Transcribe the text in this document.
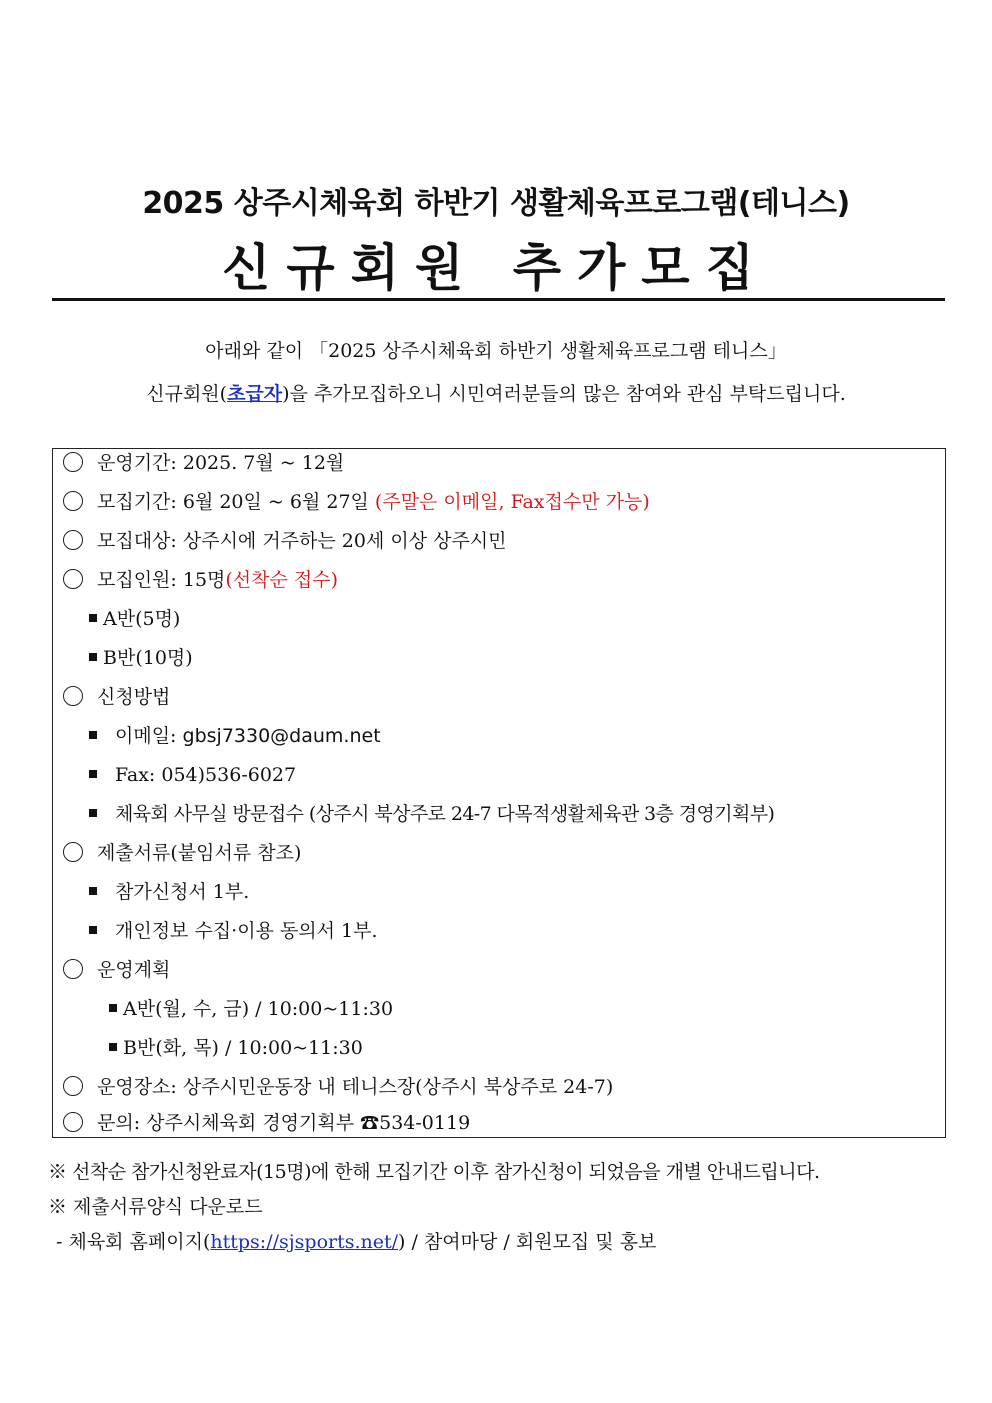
2025 상주시체육회 하반기 생활체육프로그램(테니스)
신규회원 추가모집
아래와 같이 「2025 상주시체육회 하반기 생활체육프로그램 테니스」
신규회원(초급자)을 추가모집하오니 시민여러분들의 많은 참여와 관심 부탁드립니다.
운영기간: 2025. 7월 ~ 12월
모집기간: 6월 20일 ~ 6월 27일 (주말은 이메일, Fax접수만 가능)
모집대상: 상주시에 거주하는 20세 이상 상주시민
모집인원: 15명(선착순 접수)
A반(5명)
B반(10명)
신청방법
이메일: gbsj7330@daum.net
Fax: 054)536-6027
체육회 사무실 방문접수 (상주시 북상주로 24-7 다목적생활체육관 3층 경영기획부)
제출서류(붙임서류 참조)
참가신청서 1부.
개인정보 수집·이용 동의서 1부.
운영계획
A반(월, 수, 금) / 10:00~11:30
B반(화, 목) / 10:00~11:30
운영장소: 상주시민운동장 내 테니스장(상주시 북상주로 24-7)
문의: 상주시체육회 경영기획부 ☎534-0119
※ 선착순 참가신청완료자(15명)에 한해 모집기간 이후 참가신청이 되었음을 개별 안내드립니다.
※ 제출서류양식 다운로드
- 체육회 홈페이지(https://sjsports.net/) / 참여마당 / 회원모집 및 홍보
